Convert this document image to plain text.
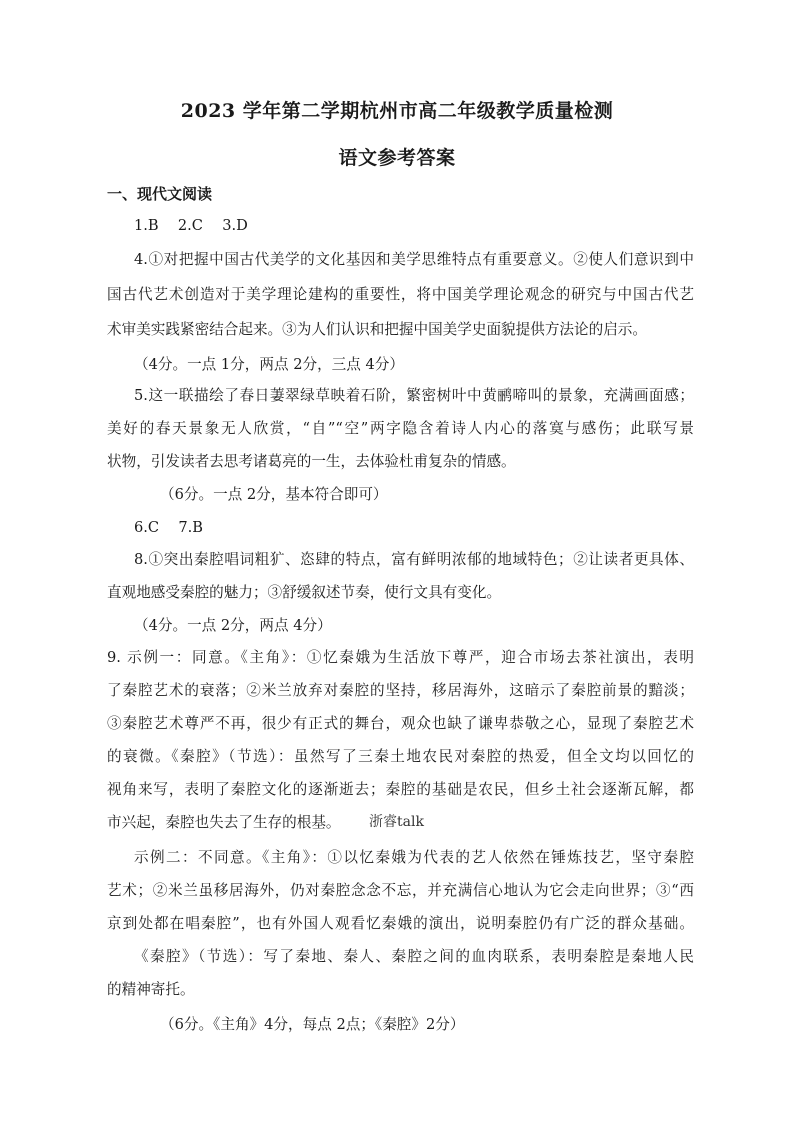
2023 学年第二学期杭州市高二年级教学质量检测
语文参考答案
一、现代文阅读
1.B　 2.C　 3.D
4.①对把握中国古代美学的文化基因和美学思维特点有重要意义。②使人们意识到中
国古代艺术创造对于美学理论建构的重要性，将中国美学理论观念的研究与中国古代艺
术审美实践紧密结合起来。③为人们认识和把握中国美学史面貌提供方法论的启示。
（4分。一点 1分，两点 2分，三点 4分）
5.这一联描绘了春日萋翠绿草映着石阶，繁密树叶中黄鹂啼叫的景象，充满画面感；
美好的春天景象无人欣赏，“自”“空”两字隐含着诗人内心的落寞与感伤；此联写景
状物，引发读者去思考诸葛亮的一生，去体验杜甫复杂的情感。
（6分。一点 2分，基本符合即可）
6.C　 7.B
8.①突出秦腔唱词粗犷、恣肆的特点，富有鲜明浓郁的地域特色；②让读者更具体、
直观地感受秦腔的魅力；③舒缓叙述节奏，使行文具有变化。
（4分。一点 2分，两点 4分）
9. 示例一：同意。《主角》：①忆秦娥为生活放下尊严，迎合市场去茶社演出，表明
了秦腔艺术的衰落；②米兰放弃对秦腔的坚持，移居海外，这暗示了秦腔前景的黯淡；
③秦腔艺术尊严不再，很少有正式的舞台，观众也缺了谦卑恭敬之心，显现了秦腔艺术
的衰微。《秦腔》（节选）：虽然写了三秦土地农民对秦腔的热爱，但全文均以回忆的
视角来写，表明了秦腔文化的逐渐逝去；秦腔的基础是农民，但乡土社会逐渐瓦解，都
市兴起，秦腔也失去了生存的根基。 浙睿talk
示例二：不同意。《主角》：①以忆秦娥为代表的艺人依然在锤炼技艺，坚守秦腔
艺术；②米兰虽移居海外，仍对秦腔念念不忘，并充满信心地认为它会走向世界；③“西
京到处都在唱秦腔”，也有外国人观看忆秦娥的演出，说明秦腔仍有广泛的群众基础。
《秦腔》（节选）：写了秦地、秦人、秦腔之间的血肉联系，表明秦腔是秦地人民
的精神寄托。
（6分。《主角》4分，每点 2点；《秦腔》2分）
